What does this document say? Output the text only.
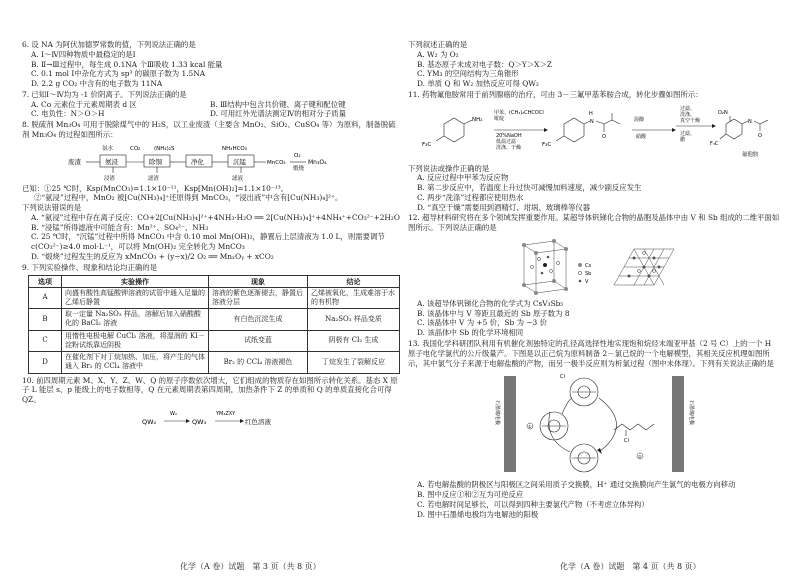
6. 设 NA 为阿伏加德罗常数的值，下列说法正确的是

A. Ⅰ～Ⅳ四种物质中最稳定的是Ⅰ

B. Ⅱ→Ⅲ过程中，每生成 0.1NA 个Ⅲ吸收 1.33 kcal 能量

C. 0.1 mol Ⅰ中杂化方式为 sp³ 的碳原子数为 1.5NA

D. 2.2 g CO₂ 中含有的电子数为 11NA

7. 已知Ⅰ～Ⅳ均为 -1 价阴离子。下列说法正确的是

A. Co 元素位于元素周期表 d 区	B. Ⅲ结构中包含共价键、离子键和配位键

C. 电负性：N＞O＞H	D. 可用红外光谱法测定Ⅳ的相对分子质量

8. 脱硫剂 Mn₃O₄ 可用于脱除煤气中的 H₂S，以工业废渣（主要含 MnO₂、SiO₂、CuSO₄ 等）为原料，制备脱硫剂 Mn₃O₄ 的过程如图所示：

废渣	氨浸	除铜	净化	沉锰	MnCO₃
O₂
煅烧
Mn₃O₄
氨水	CO₂ (NH₄)₂S	NH₄HCO₃
浸渣	滤渣	滤液

已知：①25 ℃时，Ksp(MnCO₃)=1.1×10⁻¹¹，Ksp[Mn(OH)₂]=1.1×10⁻¹³。

②“氨浸”过程中，MnO₂ 被[Cu(NH₃)₄]⁺还原得到 MnCO₃，“浸出液”中含有[Cu(NH₃)₄]²⁺。

下列说法错误的是

A. “氨浸”过程中存在离子反应：CO+2[Cu(NH₃)₄]²⁺+4NH₃·H₂O ══ 2[Cu(NH₃)₄]⁺+4NH₄⁺+CO₃²⁻+2H₂O

B. “浸锰”所得滤液中可能含有：Mn²⁺、SO₄²⁻、NH₃

C. 25 ℃时，“沉锰”过程中所得 MnCO₃ 中含 0.10 mol Mn(OH)₂，静置后上层清液为 1.0 L，则需要调节 c(CO₃²⁻)≥4.0 mol·L⁻¹，可以将 Mn(OH)₂ 完全转化为 MnCO₃

D. “煅烧”过程发生的反应为 xMnCO₃ + (y−x)/2 O₂ ══ MnₓOᵧ + xCO₂

9. 下列实验操作、现象和结论均正确的是

选项	实验操作	现象	结论
A	向盛有酸性高锰酸钾溶液的试管中通入足量的乙烯后静置	溶液的紫色逐渐褪去，静置后溶液分层	乙烯被氧化，生成难溶于水的有机物
B	取一定量 Na₂SO₃ 样品，溶解后加入硝酸酸化的 BaCl₂ 溶液	有白色沉淀生成	Na₂SO₃ 样品变质
C	用惰性电极电解 CuCl₂ 溶液，将湿润的 KI－淀粉试纸靠近阴极	试纸变蓝	阴极有 Cl₂ 生成
D	在催化剂下对丁烷加热、加压，将产生的气体通入 Br₂ 的 CCl₄ 溶液中	Br₂ 的 CCl₄ 溶液褪色	丁烷发生了裂解反应

10. 前四周期元素 M、X、Y、Z、W、Q 的原子序数依次增大，它们组成的物质存在如图所示转化关系。基态 X 原子 L 能层 s、p 能级上的电子数相等，Q 在元素周期表第四周期，加热条件下 Z 的单质和 Q 的单质直接化合可得 QZ。

QW₂
W₂
QW₃
YM₄ZXY
红色溶液
化学（A 卷）试题　第 3 页（共 8 页）

下列叙述正确的是

A. W₂ 为 O₂

B. 基态原子未成对电子数：Q＞Y＞X＞Z

C. YM₃ 的空间结构为三角锥形

D. 单质 Q 和 W₂ 加热反应可得 QW₂

11. 药物氟他胺常用于前列腺癌的治疗，可由 3－三氟甲基苯胺合成，转化步骤如图所示：

NH₂
F₃C
甲苯、(CH₃)₂CHCOCl
吡啶
20%NaOH
低温过滤
洗涤、干燥
N
H
O
F₃C
混酸
硝酸
过滤、
洗涤、
真空干燥
过滤、
撒
O₂N
N
O
F₃C
氟他胺

下列说法或操作正确的是

A. 反应过程中甲苯为反应物

B. 第二步反应中，若温度上升过快可减慢加料速度，减少副反应发生

C. 两步“洗涤”过程都应使用热水

D. “真空干燥”需要用到酒精灯、坩埚、玻璃棒等仪器

12. 超导材料研究将在多个领域发挥重要作用。某超导体钒锑化合物的晶胞及晶体中由 V 和 Sb 组成的二维平面如图所示。下列说法正确的是

Cs
Sb
V

A. 该超导体钒锑化合物的化学式为 CsV₃Sb₅

B. 该晶体中与 V 等距且最近的 Sb 原子数为 8

C. 该晶体中 V 为 +5 价，Sb 为 −3 价

D. 该晶体中 Sb 的化学环境相同

13. 我国化学科研团队利用有机催化剂独特定的孔径高选择性地实现饱和烷烃末端亚甲基（2 号 C）上的一个 H 原子电化学氯代的公斤级量产。下图是以正己烷为原料制备 2－氯己烷的一个电解模型，其相关反应机理如图所示，其中氯气分子来源于电解盐酸的产物，而另一极半反应则为析氯过程（图中未体现）。下列有关说法正确的是

石墨烯电极	石墨烯电极
Cl
Cl
①
②

A. 若电解盐酸的阴极区与阳极区之间采用质子交换膜，H⁺ 通过交换膜向产生氯气的电极方向移动

B. 图中反应①和②互为可逆反应

C. 若电解时间足够长，可以得到四种主要氯代产物（不考虑立体异构）

D. 图中石墨烯电极均为电解池的阳极

化学（A 卷）试题　第 4 页（共 8 页）
